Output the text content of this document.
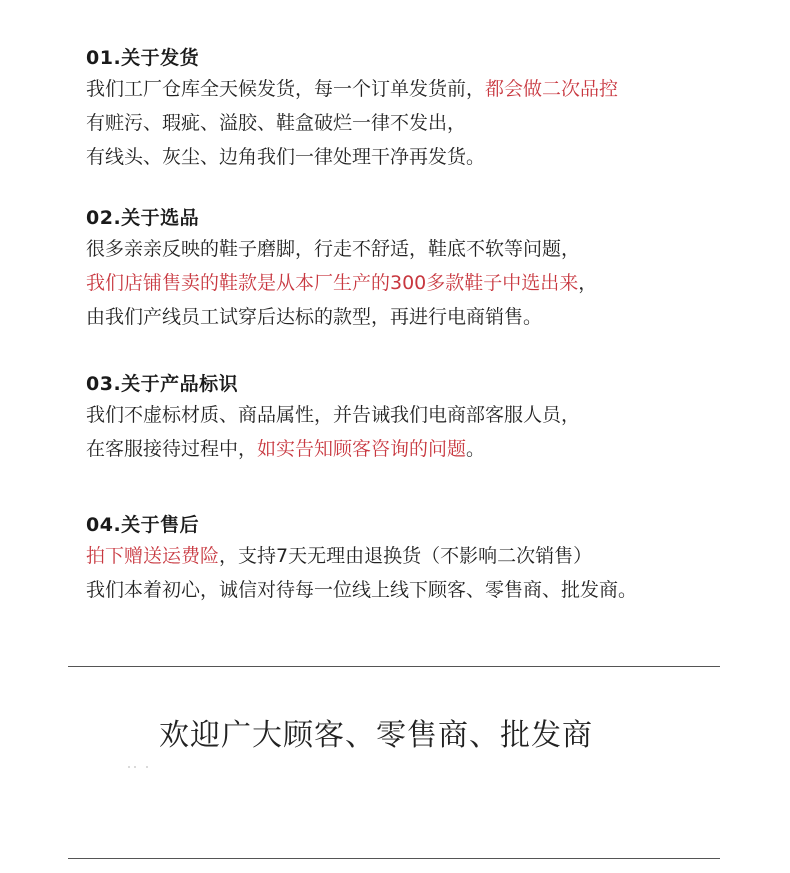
01.关于发货
我们工厂仓库全天候发货，每一个订单发货前，都会做二次品控
有赃污、瑕疵、溢胶、鞋盒破烂一律不发出，
有线头、灰尘、边角我们一律处理干净再发货。
02.关于选品
很多亲亲反映的鞋子磨脚，行走不舒适，鞋底不软等问题，
我们店铺售卖的鞋款是从本厂生产的300多款鞋子中选出来，
由我们产线员工试穿后达标的款型，再进行电商销售。
03.关于产品标识
我们不虚标材质、商品属性，并告诫我们电商部客服人员，
在客服接待过程中，如实告知顾客咨询的问题。
04.关于售后
拍下赠送运费险，支持7天无理由退换货（不影响二次销售）
我们本着初心，诚信对待每一位线上线下顾客、零售商、批发商。
欢迎广大顾客、零售商、批发商
